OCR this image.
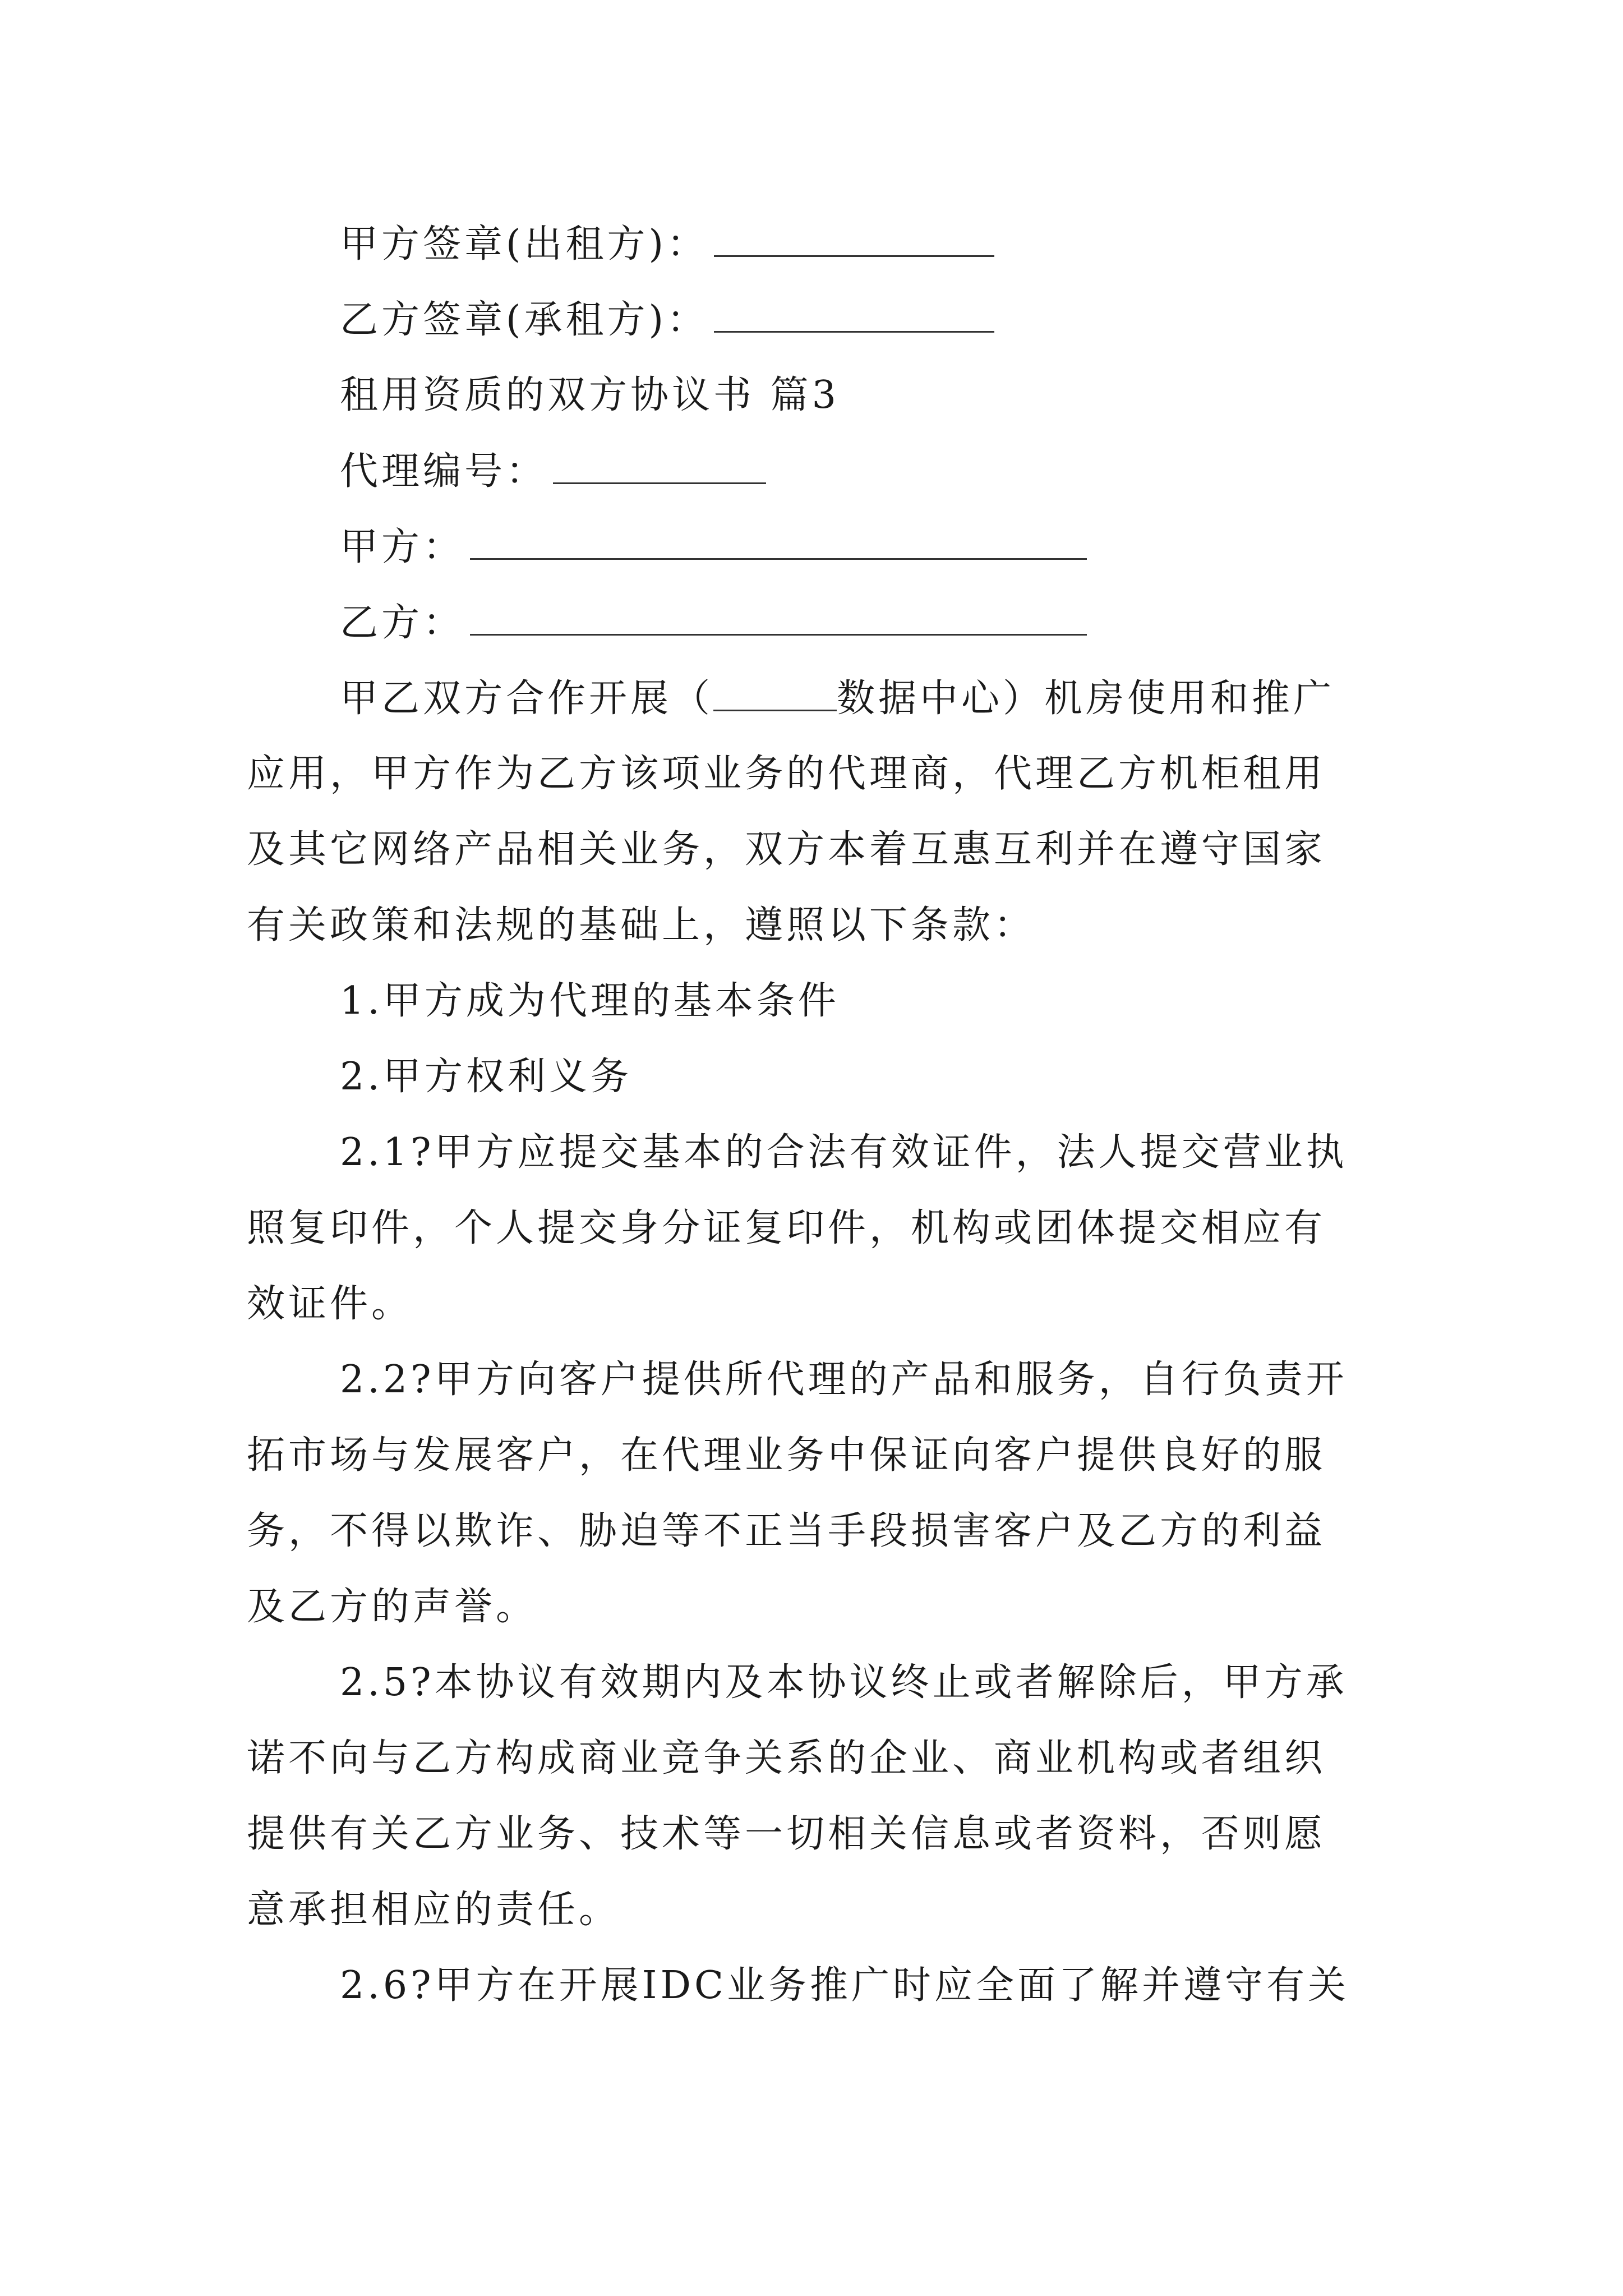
甲方签章(出租方)：
乙方签章(承租方)：
租用资质的双方协议书 篇3
代理编号：
甲方：
乙方：
甲乙双方合作开展（	数据中心）机房使用和推广
应用，甲方作为乙方该项业务的代理商，代理乙方机柜租用
及其它网络产品相关业务，双方本着互惠互利并在遵守国家
有关政策和法规的基础上，遵照以下条款：
1.甲方成为代理的基本条件
2.甲方权利义务
2.1?甲方应提交基本的合法有效证件，法人提交营业执
照复印件，个人提交身分证复印件，机构或团体提交相应有
效证件。
2.2?甲方向客户提供所代理的产品和服务，自行负责开
拓市场与发展客户，在代理业务中保证向客户提供良好的服
务，不得以欺诈、胁迫等不正当手段损害客户及乙方的利益
及乙方的声誉。
2.5?本协议有效期内及本协议终止或者解除后，甲方承
诺不向与乙方构成商业竞争关系的企业、商业机构或者组织
提供有关乙方业务、技术等一切相关信息或者资料，否则愿
意承担相应的责任。
2.6?甲方在开展IDC业务推广时应全面了解并遵守有关
